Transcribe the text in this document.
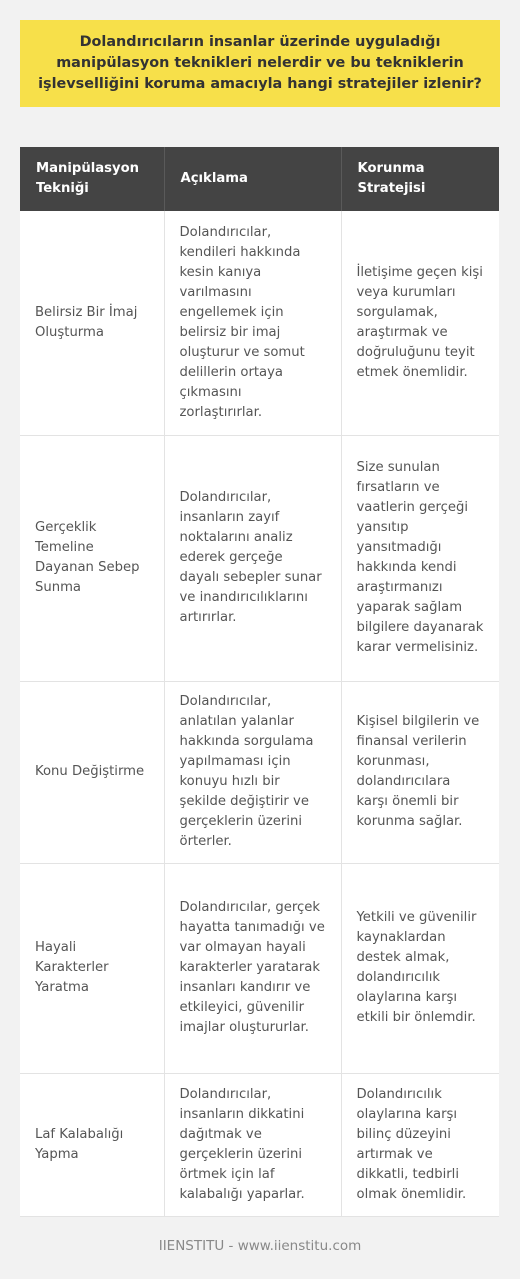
Dolandırıcıların insanlar üzerinde uyguladığı manipülasyon teknikleri nelerdir ve bu tekniklerin işlevselliğini koruma amacıyla hangi stratejiler izlenir?
Manipülasyon Tekniği	Açıklama	Korunma Stratejisi
Belirsiz Bir İmaj Oluşturma	Dolandırıcılar, kendileri hakkında kesin kanıya varılmasını engellemek için belirsiz bir imaj oluşturur ve somut delillerin ortaya çıkmasını zorlaştırırlar.	İletişime geçen kişi veya kurumları sorgulamak, araştırmak ve doğruluğunu teyit etmek önemlidir.
Gerçeklik Temeline Dayanan Sebep Sunma	Dolandırıcılar, insanların zayıf noktalarını analiz ederek gerçeğe dayalı sebepler sunar ve inandırıcılıklarını artırırlar.	Size sunulan fırsatların ve vaatlerin gerçeği yansıtıp yansıtmadığı hakkında kendi araştırmanızı yaparak sağlam bilgilere dayanarak karar vermelisiniz.
Konu Değiştirme	Dolandırıcılar, anlatılan yalanlar hakkında sorgulama yapılmaması için konuyu hızlı bir şekilde değiştirir ve gerçeklerin üzerini örterler.	Kişisel bilgilerin ve finansal verilerin korunması, dolandırıcılara karşı önemli bir korunma sağlar.
Hayali Karakterler Yaratma	Dolandırıcılar, gerçek hayatta tanımadığı ve var olmayan hayali karakterler yaratarak insanları kandırır ve etkileyici, güvenilir imajlar oluştururlar.	Yetkili ve güvenilir kaynaklardan destek almak, dolandırıcılık olaylarına karşı etkili bir önlemdir.
Laf Kalabalığı Yapma	Dolandırıcılar, insanların dikkatini dağıtmak ve gerçeklerin üzerini örtmek için laf kalabalığı yaparlar.	Dolandırıcılık olaylarına karşı bilinç düzeyini artırmak ve dikkatli, tedbirli olmak önemlidir.
IIENSTITU - www.iienstitu.com
